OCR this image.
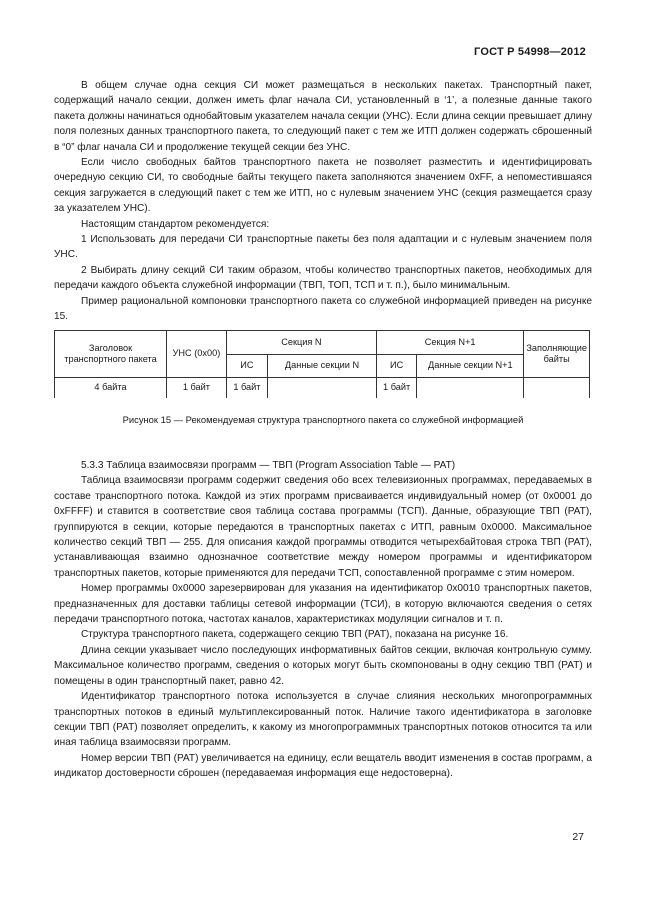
ГОСТ Р 54998—2012

В общем случае одна секция СИ может размещаться в нескольких пакетах. Транспортный пакет, содержащий начало секции, должен иметь флаг начала СИ, установленный в ‘1’, а полезные данные такого пакета должны начинаться однобайтовым указателем начала секции (УНС). Если длина секции превышает длину поля полезных данных транспортного пакета, то следующий пакет с тем же ИТП должен содержать сброшенный в “0” флаг начала СИ и продолжение текущей секции без УНС.

Если число свободных байтов транспортного пакета не позволяет разместить и идентифицировать очередную секцию СИ, то свободные байты текущего пакета заполняются значением 0xFF, а непоместившаяся секция загружается в следующий пакет с тем же ИТП, но с нулевым значением УНС (секция размещается сразу за указателем УНС).

Настоящим стандартом рекомендуется:

1 Использовать для передачи СИ транспортные пакеты без поля адаптации и с нулевым значением поля УНС.

2 Выбирать длину секций СИ таким образом, чтобы количество транспортных пакетов, необходимых для передачи каждого объекта служебной информации (ТВП, ТОП, ТСП и т. п.), было минимальным.

Пример рациональной компоновки транспортного пакета со служебной информацией приведен на рисунке 15.

Заголовок транспортного пакета	УНС (0x00)	Секция N		Секция N+1		Заполняющие байты
		ИС	Данные секции N	ИС	Данные секции N+1	
4 байта	1 байт	1 байт		1 байт		
Рисунок 15 — Рекомендуемая структура транспортного пакета со служебной информацией

5.3.3 Таблица взаимосвязи программ — ТВП (Program Association Table — PAT)

Таблица взаимосвязи программ содержит сведения обо всех телевизионных программах, передаваемых в составе транспортного потока. Каждой из этих программ присваивается индивидуальный номер (от 0x0001 до 0xFFFF) и ставится в соответствие своя таблица состава программы (ТСП). Данные, образующие ТВП (PAT), группируются в секции, которые передаются в транспортных пакетах с ИТП, равным 0x0000. Максимальное количество секций ТВП — 255. Для описания каждой программы отводится четырехбайтовая строка ТВП (PAT), устанавливающая взаимно однозначное соответствие между номером программы и идентификатором транспортных пакетов, которые применяются для передачи ТСП, сопоставленной программе с этим номером.

Номер программы 0x0000 зарезервирован для указания на идентификатор 0x0010 транспортных пакетов, предназначенных для доставки таблицы сетевой информации (ТСИ), в которую включаются сведения о сетях передачи транспортного потока, частотах каналов, характеристиках модуляции сигналов и т. п.

Структура транспортного пакета, содержащего секцию ТВП (PAT), показана на рисунке 16.

Длина секции указывает число последующих информативных байтов секции, включая контрольную сумму. Максимальное количество программ, сведения о которых могут быть скомпонованы в одну секцию ТВП (PAT) и помещены в один транспортный пакет, равно 42.

Идентификатор транспортного потока используется в случае слияния нескольких многопрограммных транспортных потоков в единый мультиплексированный поток. Наличие такого идентификатора в заголовке секции ТВП (PAT) позволяет определить, к какому из многопрограммных транспортных потоков относится та или иная таблица взаимосвязи программ.

Номер версии ТВП (PAT) увеличивается на единицу, если вещатель вводит изменения в состав программ, а индикатор достоверности сброшен (передаваемая информация еще недостоверна).

27
